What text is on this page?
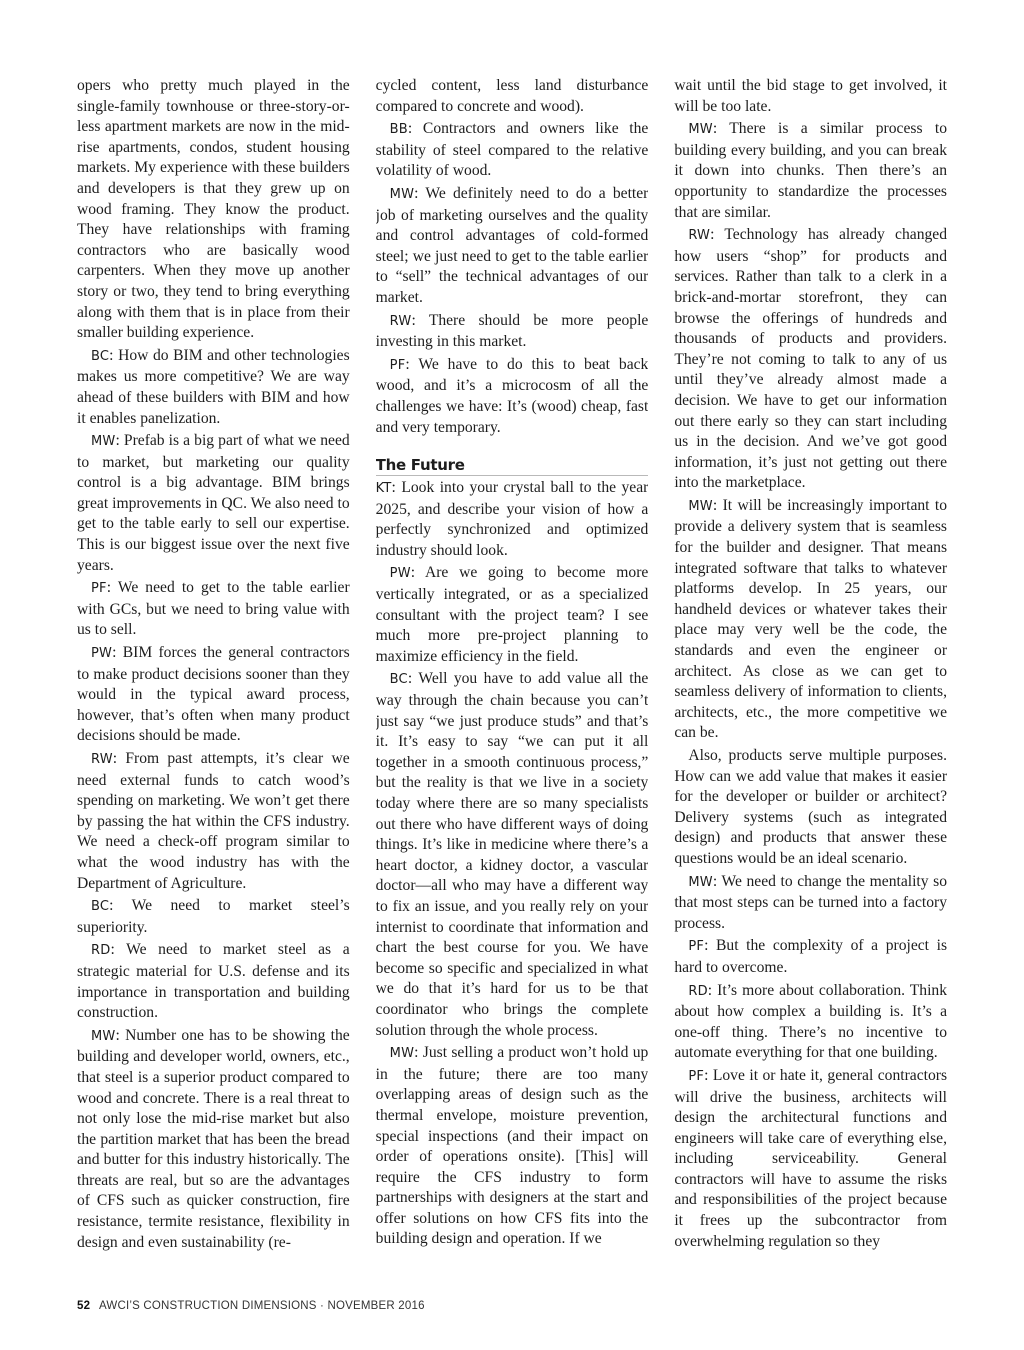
opers who pretty much played in the single-family townhouse or three-story-or-less apartment markets are now in the mid-rise apartments, condos, student housing markets. My experience with these builders and developers is that they grew up on wood framing. They know the product. They have relationships with framing contractors who are basically wood carpenters. When they move up another story or two, they tend to bring everything along with them that is in place from their smaller building experience.

BC: How do BIM and other technologies makes us more competitive? We are way ahead of these builders with BIM and how it enables panelization.

MW: Prefab is a big part of what we need to market, but marketing our quality control is a big advantage. BIM brings great improvements in QC. We also need to get to the table early to sell our expertise. This is our biggest issue over the next five years.

PF: We need to get to the table earlier with GCs, but we need to bring value with us to sell.

PW: BIM forces the general contractors to make product decisions sooner than they would in the typical award process, however, that’s often when many product decisions should be made.

RW: From past attempts, it’s clear we need external funds to catch wood’s spending on marketing. We won’t get there by passing the hat within the CFS industry. We need a check-off program similar to what the wood industry has with the Department of Agriculture.

BC: We need to market steel’s superiority.

RD: We need to market steel as a strategic material for U.S. defense and its importance in transportation and building construction.

MW: Number one has to be showing the building and developer world, owners, etc., that steel is a superior product compared to wood and concrete. There is a real threat to not only lose the mid-rise market but also the partition market that has been the bread and butter for this industry historically. The threats are real, but so are the advantages of CFS such as quicker construction, fire resistance, termite resistance, flexibility in design and even sustainability (re-

cycled content, less land disturbance compared to concrete and wood).

BB: Contractors and owners like the stability of steel compared to the relative volatility of wood.

MW: We definitely need to do a better job of marketing ourselves and the quality and control advantages of cold-formed steel; we just need to get to the table earlier to “sell” the technical advantages of our market.

RW: There should be more people investing in this market.

PF: We have to do this to beat back wood, and it’s a microcosm of all the challenges we have: It’s (wood) cheap, fast and very temporary.

The Future

KT: Look into your crystal ball to the year 2025, and describe your vision of how a perfectly synchronized and optimized industry should look.

PW: Are we going to become more vertically integrated, or as a specialized consultant with the project team? I see much more pre-project planning to maximize efficiency in the field.

BC: Well you have to add value all the way through the chain because you can’t just say “we just produce studs” and that’s it. It’s easy to say “we can put it all together in a smooth continuous process,” but the reality is that we live in a society today where there are so many specialists out there who have different ways of doing things. It’s like in medicine where there’s a heart doctor, a kidney doctor, a vascular doctor—all who may have a different way to fix an issue, and you really rely on your internist to coordinate that information and chart the best course for you. We have become so specific and specialized in what we do that it’s hard for us to be that coordinator who brings the complete solution through the whole process.

MW: Just selling a product won’t hold up in the future; there are too many overlapping areas of design such as the thermal envelope, moisture prevention, special inspections (and their impact on order of operations onsite). [This] will require the CFS industry to form partnerships with designers at the start and offer solutions on how CFS fits into the building design and operation. If we

wait until the bid stage to get involved, it will be too late.

MW: There is a similar process to building every building, and you can break it down into chunks. Then there’s an opportunity to standardize the processes that are similar.

RW: Technology has already changed how users “shop” for products and services. Rather than talk to a clerk in a brick-and-mortar storefront, they can browse the offerings of hundreds and thousands of products and providers. They’re not coming to talk to any of us until they’ve already almost made a decision. We have to get our information out there early so they can start including us in the decision. And we’ve got good information, it’s just not getting out there into the marketplace.

MW: It will be increasingly important to provide a delivery system that is seamless for the builder and designer. That means integrated software that talks to whatever platforms develop. In 25 years, our handheld devices or whatever takes their place may very well be the code, the standards and even the engineer or architect. As close as we can get to seamless delivery of information to clients, architects, etc., the more competitive we can be.

Also, products serve multiple purposes. How can we add value that makes it easier for the developer or builder or architect? Delivery systems (such as integrated design) and products that answer these questions would be an ideal scenario.

MW: We need to change the mentality so that most steps can be turned into a factory process.

PF: But the complexity of a project is hard to overcome.

RD: It’s more about collaboration. Think about how complex a building is. It’s a one-off thing. There’s no incentive to automate everything for that one building.

PF: Love it or hate it, general contractors will drive the business, architects will design the architectural functions and engineers will take care of everything else, including serviceability. General contractors will have to assume the risks and responsibilities of the project because it frees up the subcontractor from overwhelming regulation so they

52 AWCI’S CONSTRUCTION DIMENSIONS · NOVEMBER 2016
